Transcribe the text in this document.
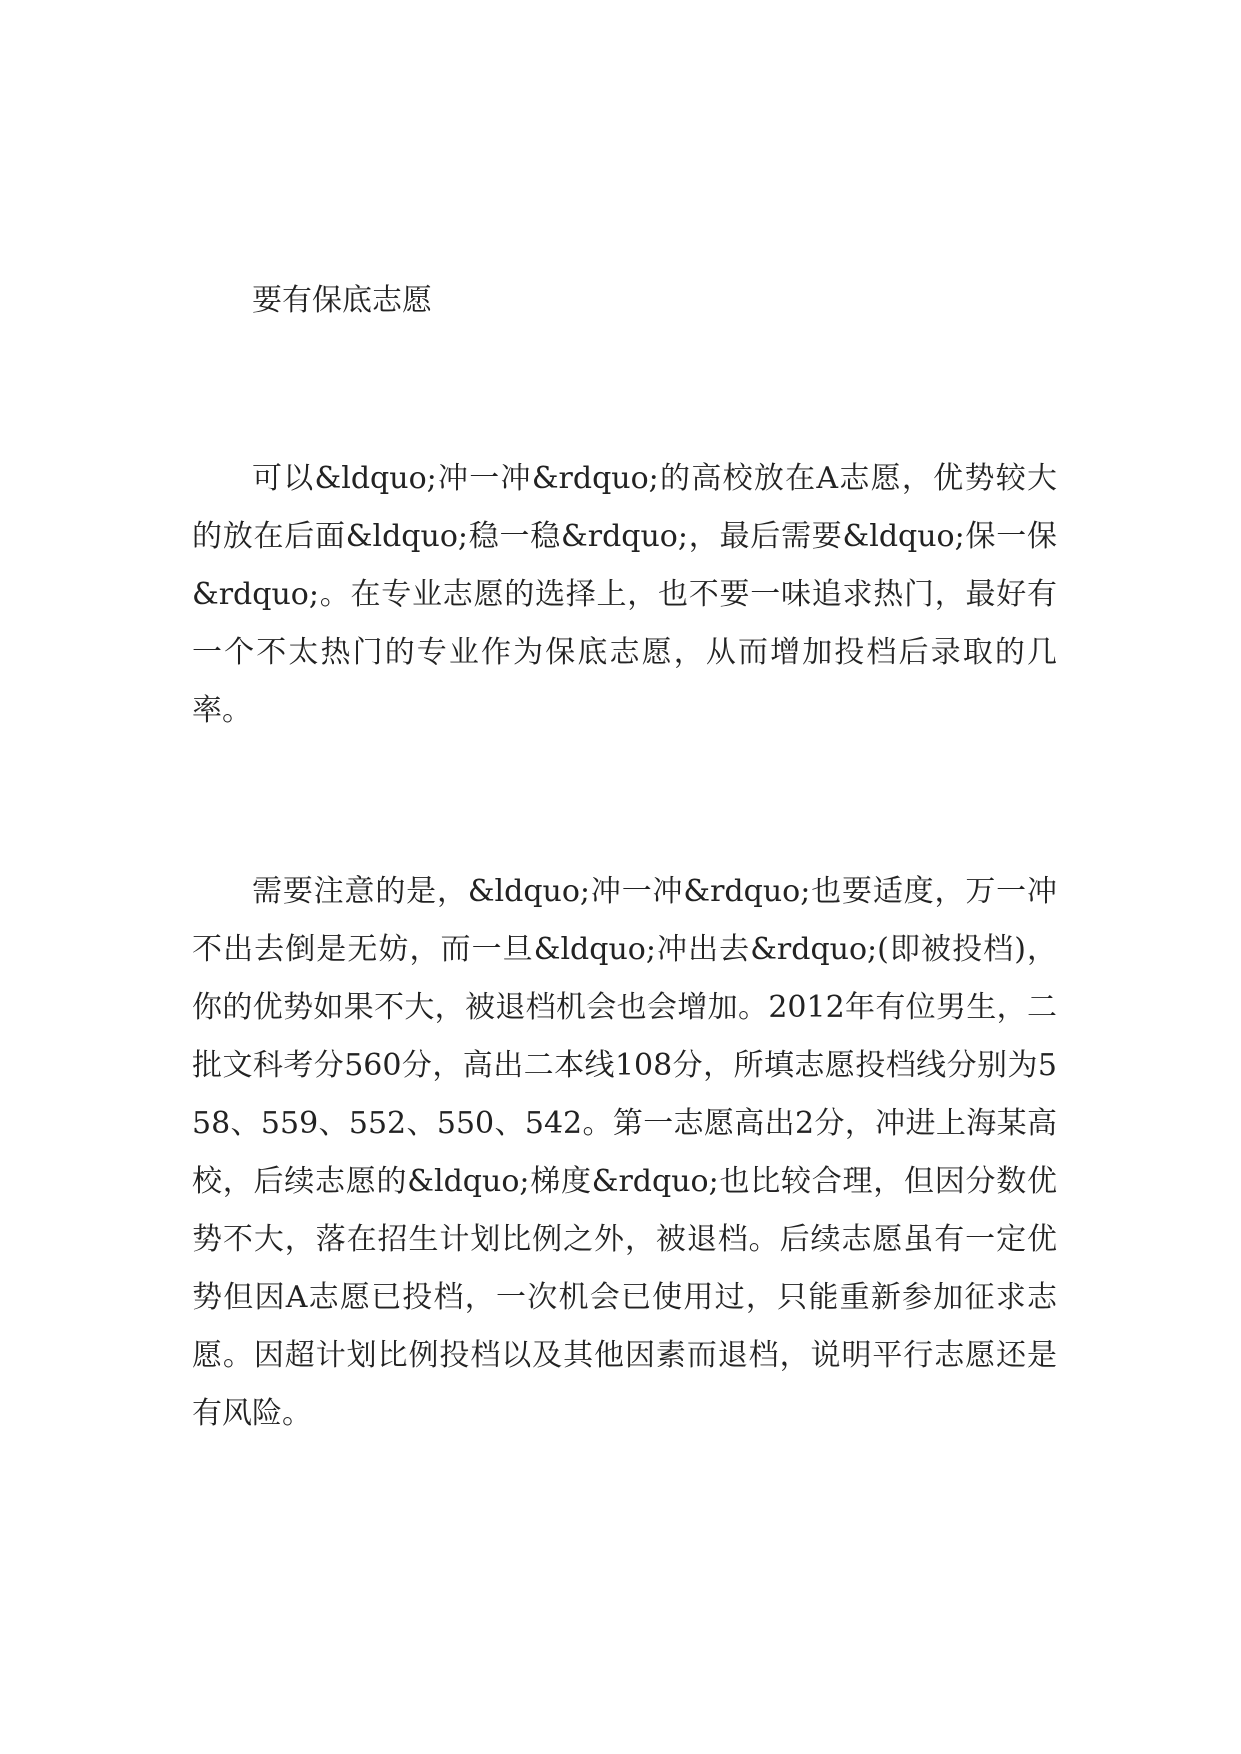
要有保底志愿

可以&ldquo;冲一冲&rdquo;的高校放在A志愿，优势较大的放在后面&ldquo;稳一稳&rdquo;，最后需要&ldquo;保一保&rdquo;。在专业志愿的选择上，也不要一味追求热门，最好有一个不太热门的专业作为保底志愿，从而增加投档后录取的几率。

需要注意的是，&ldquo;冲一冲&rdquo;也要适度，万一冲不出去倒是无妨，而一旦&ldquo;冲出去&rdquo;(即被投档)，你的优势如果不大，被退档机会也会增加。2012年有位男生，二批文科考分560分，高出二本线108分，所填志愿投档线分别为558、559、552、550、542。第一志愿高出2分，冲进上海某高校，后续志愿的&ldquo;梯度&rdquo;也比较合理，但因分数优势不大，落在招生计划比例之外，被退档。后续志愿虽有一定优势但因A志愿已投档，一次机会已使用过，只能重新参加征求志愿。因超计划比例投档以及其他因素而退档，说明平行志愿还是有风险。
